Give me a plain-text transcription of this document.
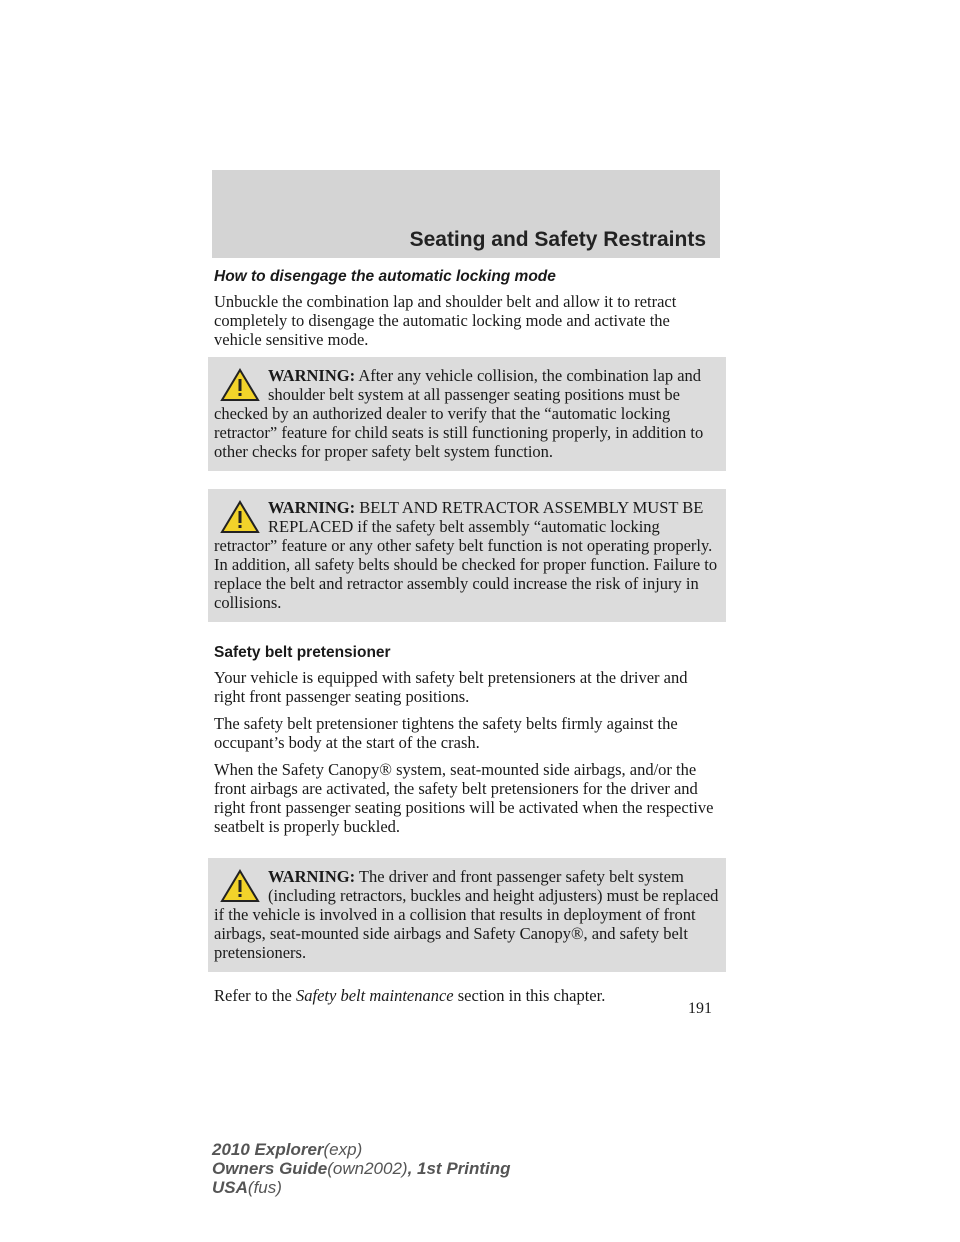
Seating and Safety Restraints
How to disengage the automatic locking mode

Unbuckle the combination lap and shoulder belt and allow it to retract completely to disengage the automatic locking mode and activate the vehicle sensitive mode.

WARNING: After any vehicle collision, the combination lap and shoulder belt system at all passenger seating positions must be checked by an authorized dealer to verify that the “automatic locking retractor” feature for child seats is still functioning properly, in addition to other checks for proper safety belt system function.
WARNING: BELT AND RETRACTOR ASSEMBLY MUST BE REPLACED if the safety belt assembly “automatic locking retractor” feature or any other safety belt function is not operating properly. In addition, all safety belts should be checked for proper function. Failure to replace the belt and retractor assembly could increase the risk of injury in collisions.
Safety belt pretensioner

Your vehicle is equipped with safety belt pretensioners at the driver and right front passenger seating positions.

The safety belt pretensioner tightens the safety belts firmly against the occupant’s body at the start of the crash.

When the Safety Canopy® system, seat-mounted side airbags, and/or the front airbags are activated, the safety belt pretensioners for the driver and right front passenger seating positions will be activated when the respective seatbelt is properly buckled.

WARNING: The driver and front passenger safety belt system (including retractors, buckles and height adjusters) must be replaced if the vehicle is involved in a collision that results in deployment of front airbags, seat-mounted side airbags and Safety Canopy®, and safety belt pretensioners.

Refer to the Safety belt maintenance section in this chapter.

191
2010 Explorer(exp)
Owners Guide(own2002), 1st Printing
USA(fus)
